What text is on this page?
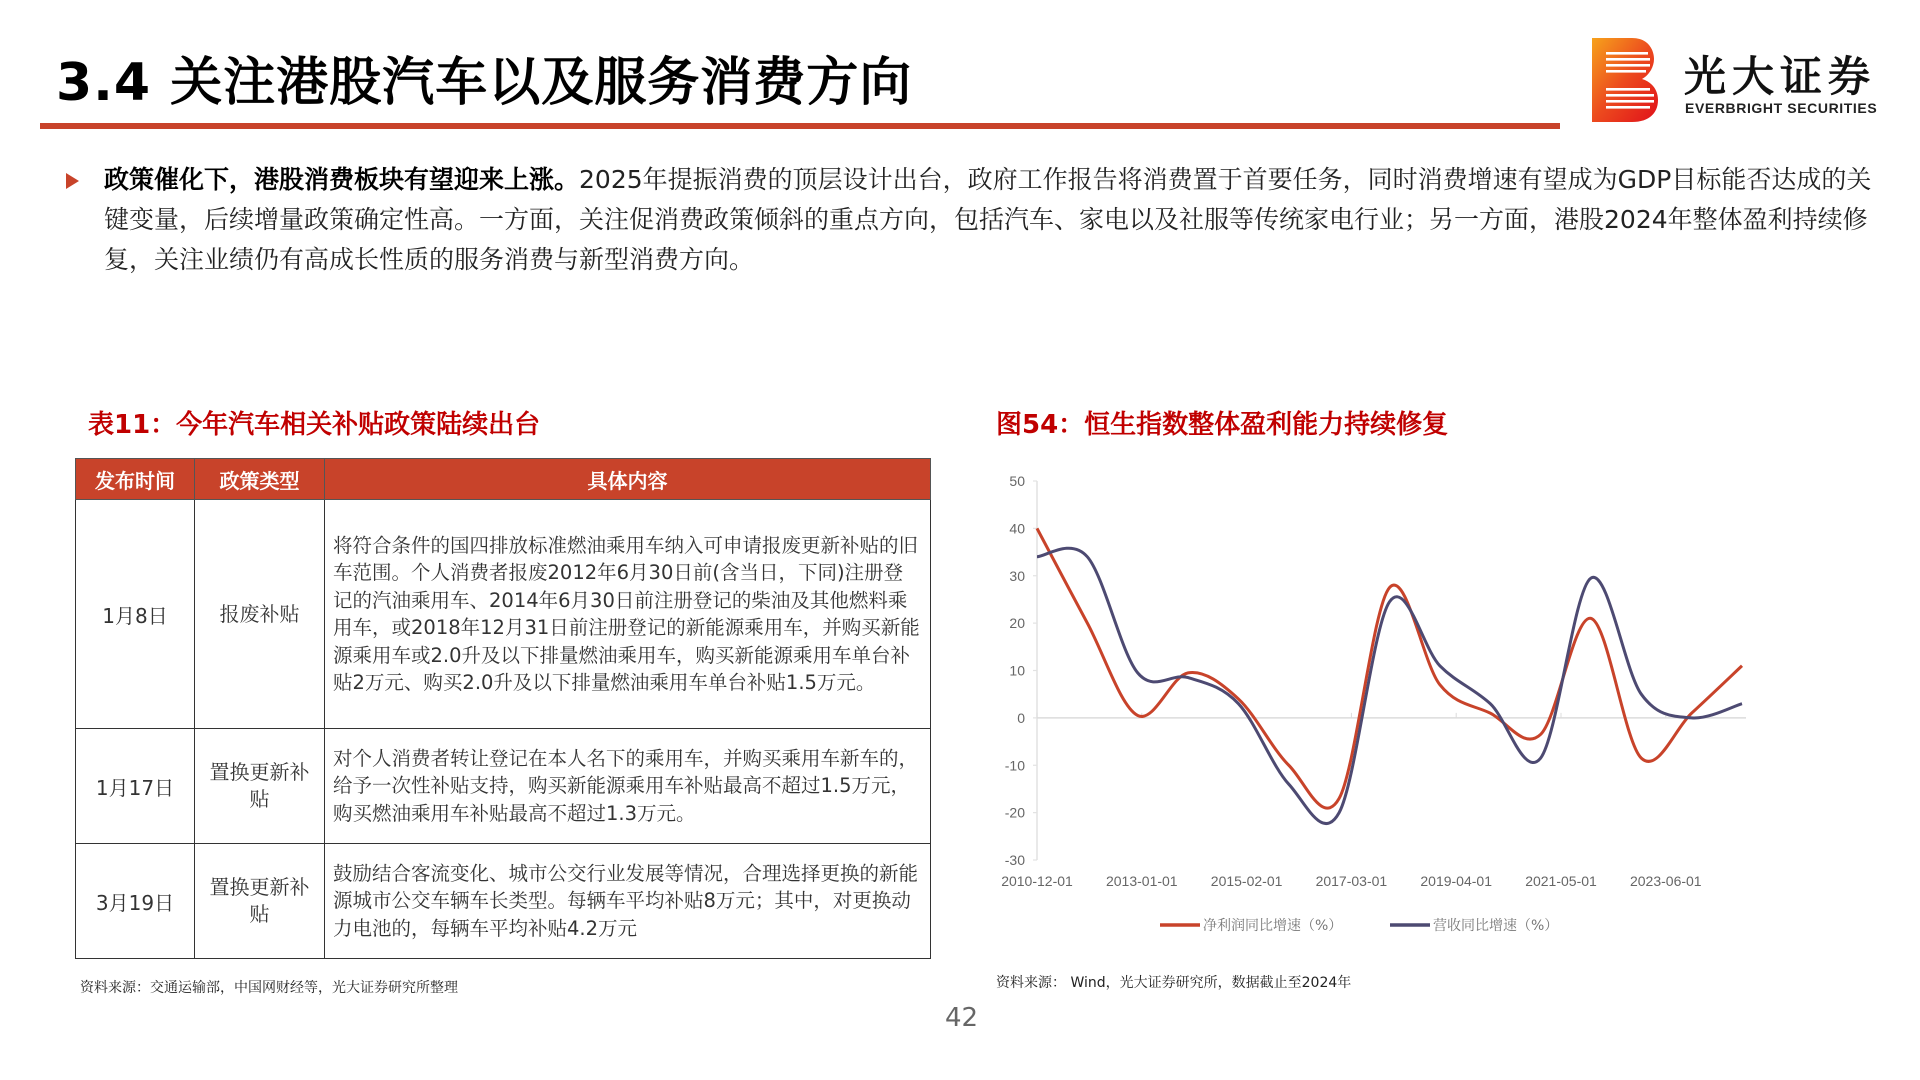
3.4 关注港股汽车以及服务消费方向	光大证券
EVERBRIGHT SECURITIES
政策催化下，港股消费板块有望迎来上涨。2025年提振消费的顶层设计出台，政府工作报告将消费置于首要任务，同时消费增速有望成为GDP目标能否达成的关键变量，后续增量政策确定性高。一方面，关注促消费政策倾斜的重点方向，包括汽车、家电以及社服等传统家电行业；另一方面，港股2024年整体盈利持续修复，关注业绩仍有高成长性质的服务消费与新型消费方向。
表11：今年汽车相关补贴政策陆续出台
发布时间	政策类型	具体内容
1月8日	报废补贴	将符合条件的国四排放标准燃油乘用车纳入可申请报废更新补贴的旧车范围。个人消费者报废2012年6月30日前(含当日，下同)注册登记的汽油乘用车、2014年6月30日前注册登记的柴油及其他燃料乘用车，或2018年12月31日前注册登记的新能源乘用车，并购买新能源乘用车或2.0升及以下排量燃油乘用车，购买新能源乘用车单台补贴2万元、购买2.0升及以下排量燃油乘用车单台补贴1.5万元。
1月17日	置换更新补贴	对个人消费者转让登记在本人名下的乘用车，并购买乘用车新车的，给予一次性补贴支持，购买新能源乘用车补贴最高不超过1.5万元，购买燃油乘用车补贴最高不超过1.3万元。
3月19日	置换更新补贴	鼓励结合客流变化、城市公交行业发展等情况，合理选择更换的新能源城市公交车辆车长类型。每辆车平均补贴8万元；其中，对更换动力电池的，每辆车平均补贴4.2万元
资料来源：交通运输部，中国网财经等，光大证券研究所整理
图54：恒生指数整体盈利能力持续修复
50
40
30
20
10
0
-10
-20
-30
2010-12-01 2013-01-01 2015-02-01 2017-03-01 2019-04-01 2021-05-01 2023-06-01
净利润同比增速（%）	营收同比增速（%）
资料来源： Wind，光大证券研究所，数据截止至2024年
42
